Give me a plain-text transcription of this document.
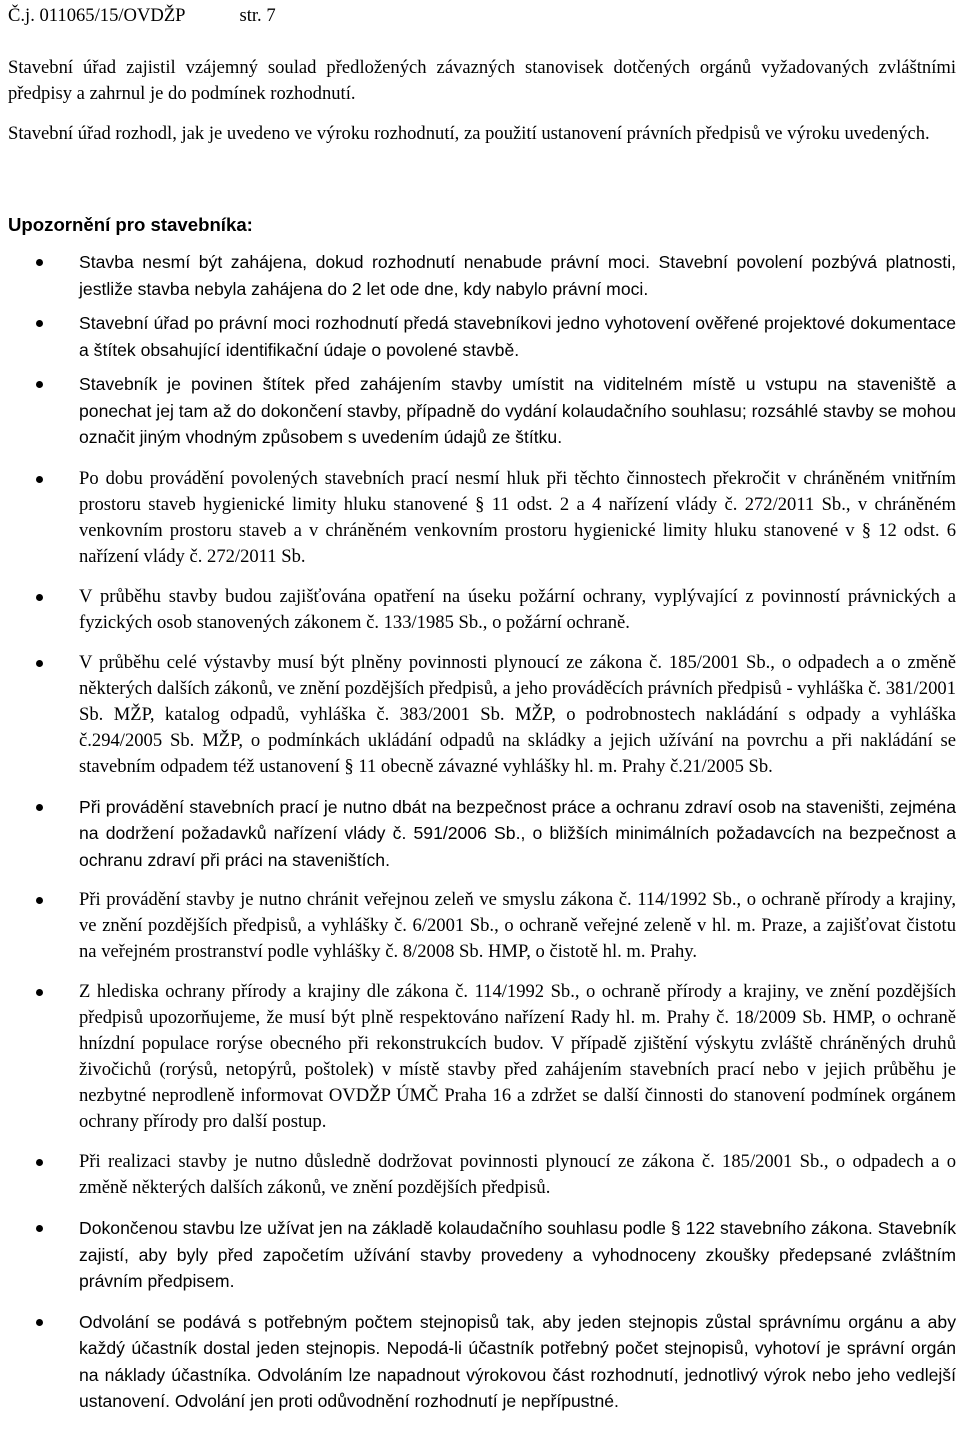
Č.j. 011065/15/OVDŽP	str. 7

Stavební úřad zajistil vzájemný soulad předložených závazných stanovisek dotčených orgánů vyžadovaných zvláštními předpisy a zahrnul je do podmínek rozhodnutí.

Stavební úřad rozhodl, jak je uvedeno ve výroku rozhodnutí, za použití ustanovení právních předpisů ve výroku uvedených.

Upozornění pro stavebníka:
Stavba nesmí být zahájena, dokud rozhodnutí nenabude právní moci. Stavební povolení pozbývá platnosti, jestliže stavba nebyla zahájena do 2 let ode dne, kdy nabylo právní moci.
Stavební úřad po právní moci rozhodnutí předá stavebníkovi jedno vyhotovení ověřené projektové dokumentace a štítek obsahující identifikační údaje o povolené stavbě.
Stavebník je povinen štítek před zahájením stavby umístit na viditelném místě u vstupu na staveniště a ponechat jej tam až do dokončení stavby, případně do vydání kolaudačního souhlasu; rozsáhlé stavby se mohou označit jiným vhodným způsobem s uvedením údajů ze štítku.
Po dobu provádění povolených stavebních prací nesmí hluk při těchto činnostech překročit v chráněném vnitřním prostoru staveb hygienické limity hluku stanovené § 11 odst. 2 a 4 nařízení vlády č. 272/2011 Sb., v chráněném venkovním prostoru staveb a v chráněném venkovním prostoru hygienické limity hluku stanovené v § 12 odst. 6 nařízení vlády č. 272/2011 Sb.
V průběhu stavby budou zajišťována opatření na úseku požární ochrany, vyplývající z povinností právnických a fyzických osob stanovených zákonem č. 133/1985 Sb., o požární ochraně.
V průběhu celé výstavby musí být plněny povinnosti plynoucí ze zákona č. 185/2001 Sb., o odpadech a o změně některých dalších zákonů, ve znění pozdějších předpisů, a jeho prováděcích právních předpisů - vyhláška č. 381/2001 Sb. MŽP, katalog odpadů, vyhláška č. 383/2001 Sb. MŽP, o podrobnostech nakládání s odpady a vyhláška č.294/2005 Sb. MŽP, o podmínkách ukládání odpadů na skládky a jejich užívání na povrchu a při nakládání se stavebním odpadem též ustanovení § 11 obecně závazné vyhlášky hl. m. Prahy č.21/2005 Sb.
Při provádění stavebních prací je nutno dbát na bezpečnost práce a ochranu zdraví osob na staveništi, zejména na dodržení požadavků nařízení vlády č. 591/2006 Sb., o bližších minimálních požadavcích na bezpečnost a ochranu zdraví při práci na staveništích.
Při provádění stavby je nutno chránit veřejnou zeleň ve smyslu zákona č. 114/1992 Sb., o ochraně přírody a krajiny, ve znění pozdějších předpisů, a vyhlášky č. 6/2001 Sb., o ochraně veřejné zeleně v hl. m. Praze, a zajišťovat čistotu na veřejném prostranství podle vyhlášky č. 8/2008 Sb. HMP, o čistotě hl. m. Prahy.
Z hlediska ochrany přírody a krajiny dle zákona č. 114/1992 Sb., o ochraně přírody a krajiny, ve znění pozdějších předpisů upozorňujeme, že musí být plně respektováno nařízení Rady hl. m. Prahy č. 18/2009 Sb. HMP, o ochraně hnízdní populace rorýse obecného při rekonstrukcích budov. V případě zjištění výskytu zvláště chráněných druhů živočichů (rorýsů, netopýrů, poštolek) v místě stavby před zahájením stavebních prací nebo v jejich průběhu je nezbytné neprodleně informovat OVDŽP ÚMČ Praha 16 a zdržet se další činnosti do stanovení podmínek orgánem ochrany přírody pro další postup.
Při realizaci stavby je nutno důsledně dodržovat povinnosti plynoucí ze zákona č. 185/2001 Sb., o odpadech a o změně některých dalších zákonů, ve znění pozdějších předpisů.
Dokončenou stavbu lze užívat jen na základě kolaudačního souhlasu podle § 122 stavebního zákona. Stavebník zajistí, aby byly před započetím užívání stavby provedeny a vyhodnoceny zkoušky předepsané zvláštním právním předpisem.
Odvolání se podává s potřebným počtem stejnopisů tak, aby jeden stejnopis zůstal správnímu orgánu a aby každý účastník dostal jeden stejnopis. Nepodá-li účastník potřebný počet stejnopisů, vyhotoví je správní orgán na náklady účastníka. Odvoláním lze napadnout výrokovou část rozhodnutí, jednotlivý výrok nebo jeho vedlejší ustanovení. Odvolání jen proti odůvodnění rozhodnutí je nepřípustné.
